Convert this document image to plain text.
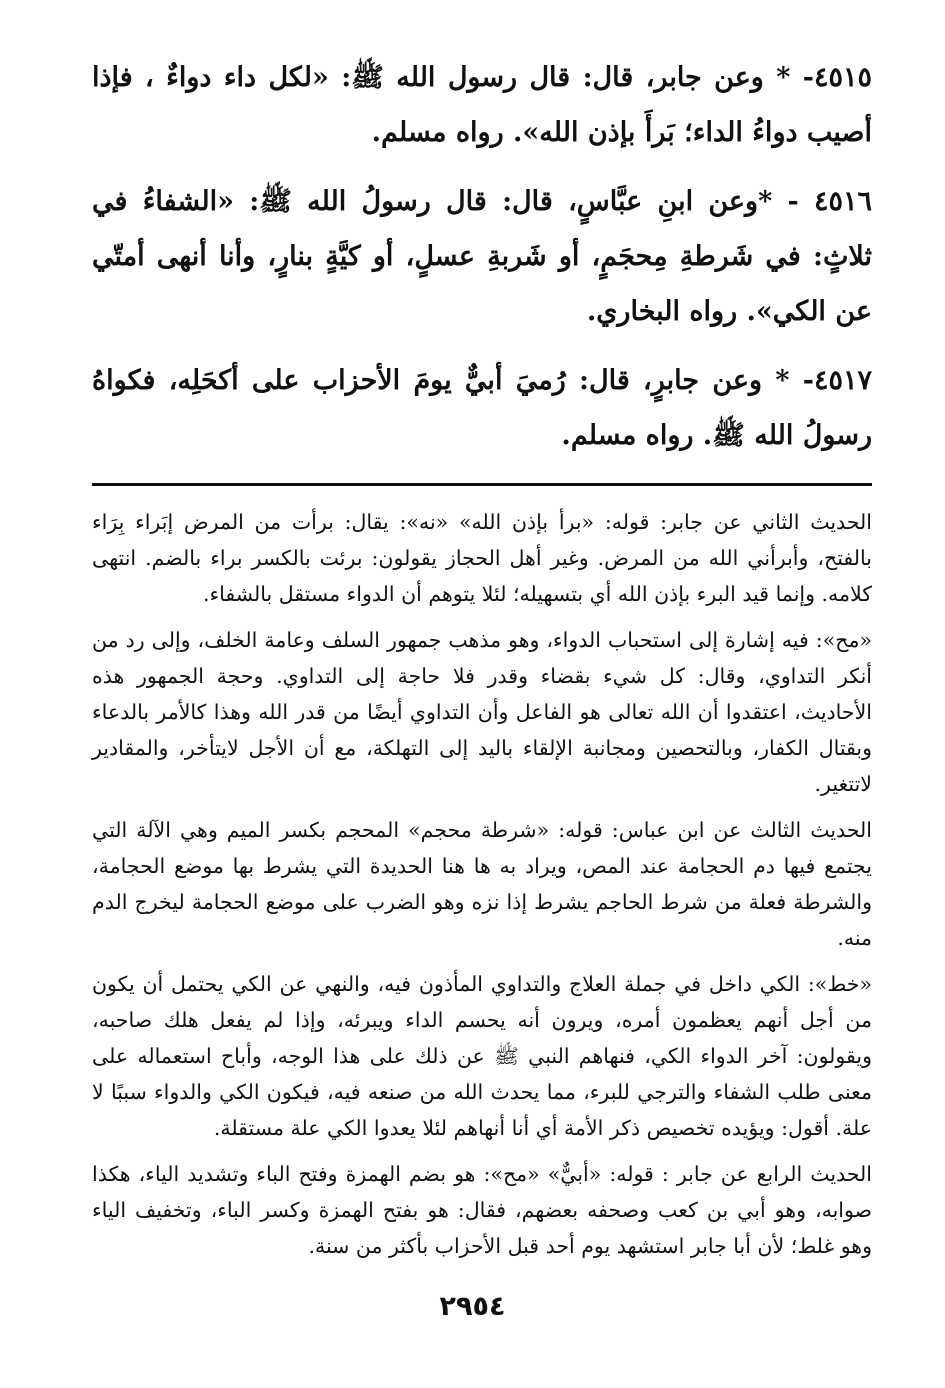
٤٥١٥- * وعن جابر، قال: قال رسول الله ﷺ: «لكل داء دواءٌ ، فإذا أصيب دواءُ الداء؛ بَرأَ بإذن الله». رواه مسلم.

٤٥١٦ - *وعن ابنِ عبَّاسٍ، قال: قال رسولُ الله ﷺ: «الشفاءُ في ثلاثٍ: في شَرطةِ مِحجَمٍ، أو شَربةِ عسلٍ، أو كيَّةٍ بنارٍ، وأنا أنهى أمتّي عن الكي». رواه البخاري.

٤٥١٧- * وعن جابرٍ، قال: رُميَ أبيٌّ يومَ الأحزاب على أكحَلِه، فكواهُ رسولُ الله ﷺ. رواه مسلم.

الحديث الثاني عن جابر: قوله: «برأ بإذن الله» «نه»: يقال: برأت من المرض إبَراء بِرَاء بالفتح، وأبرأني الله من المرض. وغير أهل الحجاز يقولون: برئت بالكسر براء بالضم. انتهى كلامه. وإنما قيد البرء بإذن الله أي بتسهيله؛ لئلا يتوهم أن الدواء مستقل بالشفاء.

«مح»: فيه إشارة إلى استحباب الدواء، وهو مذهب جمهور السلف وعامة الخلف، وإلى رد من أنكر التداوي، وقال: كل شيء بقضاء وقدر فلا حاجة إلى التداوي. وحجة الجمهور هذه الأحاديث، اعتقدوا أن الله تعالى هو الفاعل وأن التداوي أيضًا من قدر الله وهذا كالأمر بالدعاء وبقتال الكفار، وبالتحصين ومجانبة الإلقاء باليد إلى التهلكة، مع أن الأجل لايتأخر، والمقادير لاتتغير.

الحديث الثالث عن ابن عباس: قوله: «شرطة محجم» المحجم بكسر الميم وهي الآلة التي يجتمع فيها دم الحجامة عند المص، ويراد به ها هنا الحديدة التي يشرط بها موضع الحجامة، والشرطة فعلة من شرط الحاجم يشرط إذا نزه وهو الضرب على موضع الحجامة ليخرج الدم منه.

«خط»: الكي داخل في جملة العلاج والتداوي المأذون فيه، والنهي عن الكي يحتمل أن يكون من أجل أنهم يعظمون أمره، ويرون أنه يحسم الداء ويبرئه، وإذا لم يفعل هلك صاحبه، ويقولون: آخر الدواء الكي، فنهاهم النبي ﷺ عن ذلك على هذا الوجه، وأباح استعماله على معنى طلب الشفاء والترجي للبرء، مما يحدث الله من صنعه فيه، فيكون الكي والدواء سببًا لا علة. أقول: ويؤيده تخصيص ذكر الأمة أي أنا أنهاهم لئلا يعدوا الكي علة مستقلة.

الحديث الرابع عن جابر : قوله: «أبيٌّ» «مح»: هو بضم الهمزة وفتح الباء وتشديد الياء، هكذا صوابه، وهو أبي بن كعب وصحفه بعضهم، فقال: هو بفتح الهمزة وكسر الباء، وتخفيف الياء وهو غلط؛ لأن أبا جابر استشهد يوم أحد قبل الأحزاب بأكثر من سنة.

٢٩٥٤
